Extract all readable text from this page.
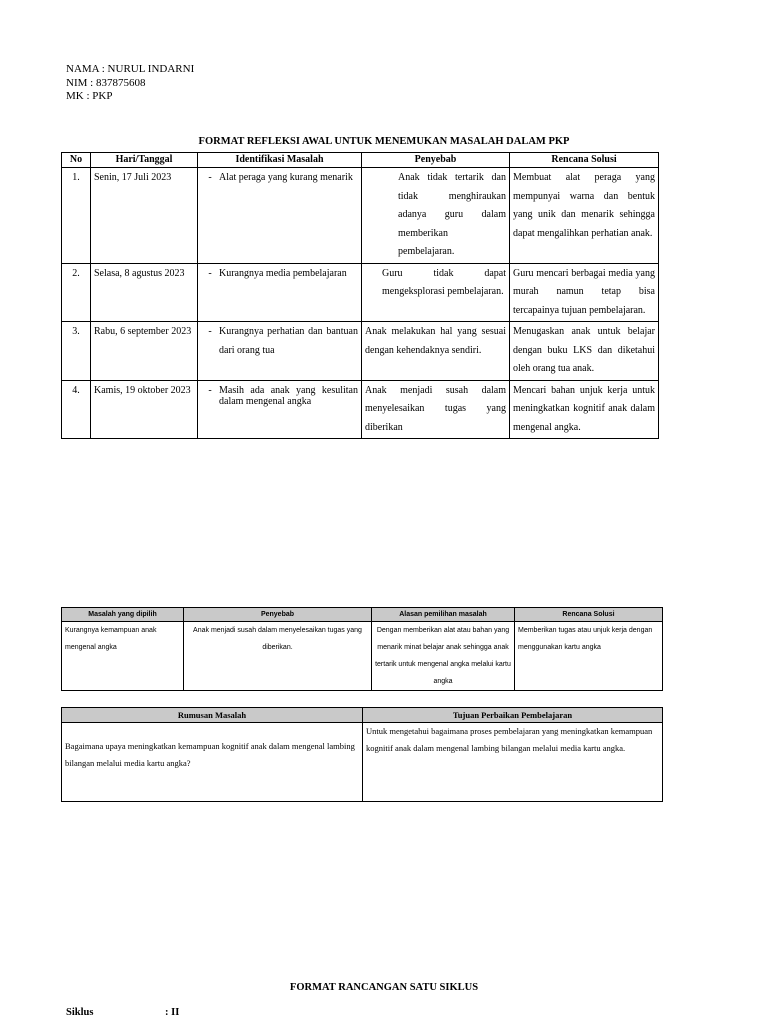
NAMA : NURUL INDARNI
NIM : 837875608
MK : PKP
FORMAT REFLEKSI AWAL UNTUK MENEMUKAN MASALAH DALAM PKP
No	Hari/Tanggal	Identifikasi Masalah	Penyebab	Rencana Solusi
1.	Senin, 17 Juli 2023	- Alat peraga yang kurang menarik	Anak tidak tertarik dan tidak menghiraukan adanya guru dalam memberikan pembelajaran.	Membuat alat peraga yang mempunyai warna dan bentuk yang unik dan menarik sehingga dapat mengalihkan perhatian anak.
2.	Selasa, 8 agustus 2023	- Kurangnya media pembelajaran	Guru tidak dapat mengeksplorasi pembelajaran.	Guru mencari berbagai media yang murah namun tetap bisa tercapainya tujuan pembelajaran.
3.	Rabu, 6 september 2023	- Kurangnya perhatian dan bantuan dari orang tua	Anak melakukan hal yang sesuai dengan kehendaknya sendiri.	Menugaskan anak untuk belajar dengan buku LKS dan diketahui oleh orang tua anak.
4.	Kamis, 19 oktober 2023	- Masih ada anak yang kesulitan dalam mengenal angka	Anak menjadi susah dalam menyelesaikan tugas yang diberikan	Mencari bahan unjuk kerja untuk meningkatkan kognitif anak dalam mengenal angka.
Masalah yang dipilih	Penyebab	Alasan pemilihan masalah	Rencana Solusi
Kurangnya kemampuan anak mengenal angka	Anak menjadi susah dalam menyelesaikan tugas yang diberikan.	Dengan memberikan alat atau bahan yang menarik minat belajar anak sehingga anak tertarik untuk mengenal angka melalui kartu angka	Memberikan tugas atau unjuk kerja dengan menggunakan kartu angka
Rumusan Masalah	Tujuan Perbaikan Pembelajaran
Bagaimana upaya meningkatkan kemampuan kognitif anak dalam mengenal lambing bilangan melalui media kartu angka?	Untuk mengetahui bagaimana proses pembelajaran yang meningkatkan kemampuan kognitif anak dalam mengenal lambing bilangan melalui media kartu angka.
FORMAT RANCANGAN SATU SIKLUS
Siklus	: II
